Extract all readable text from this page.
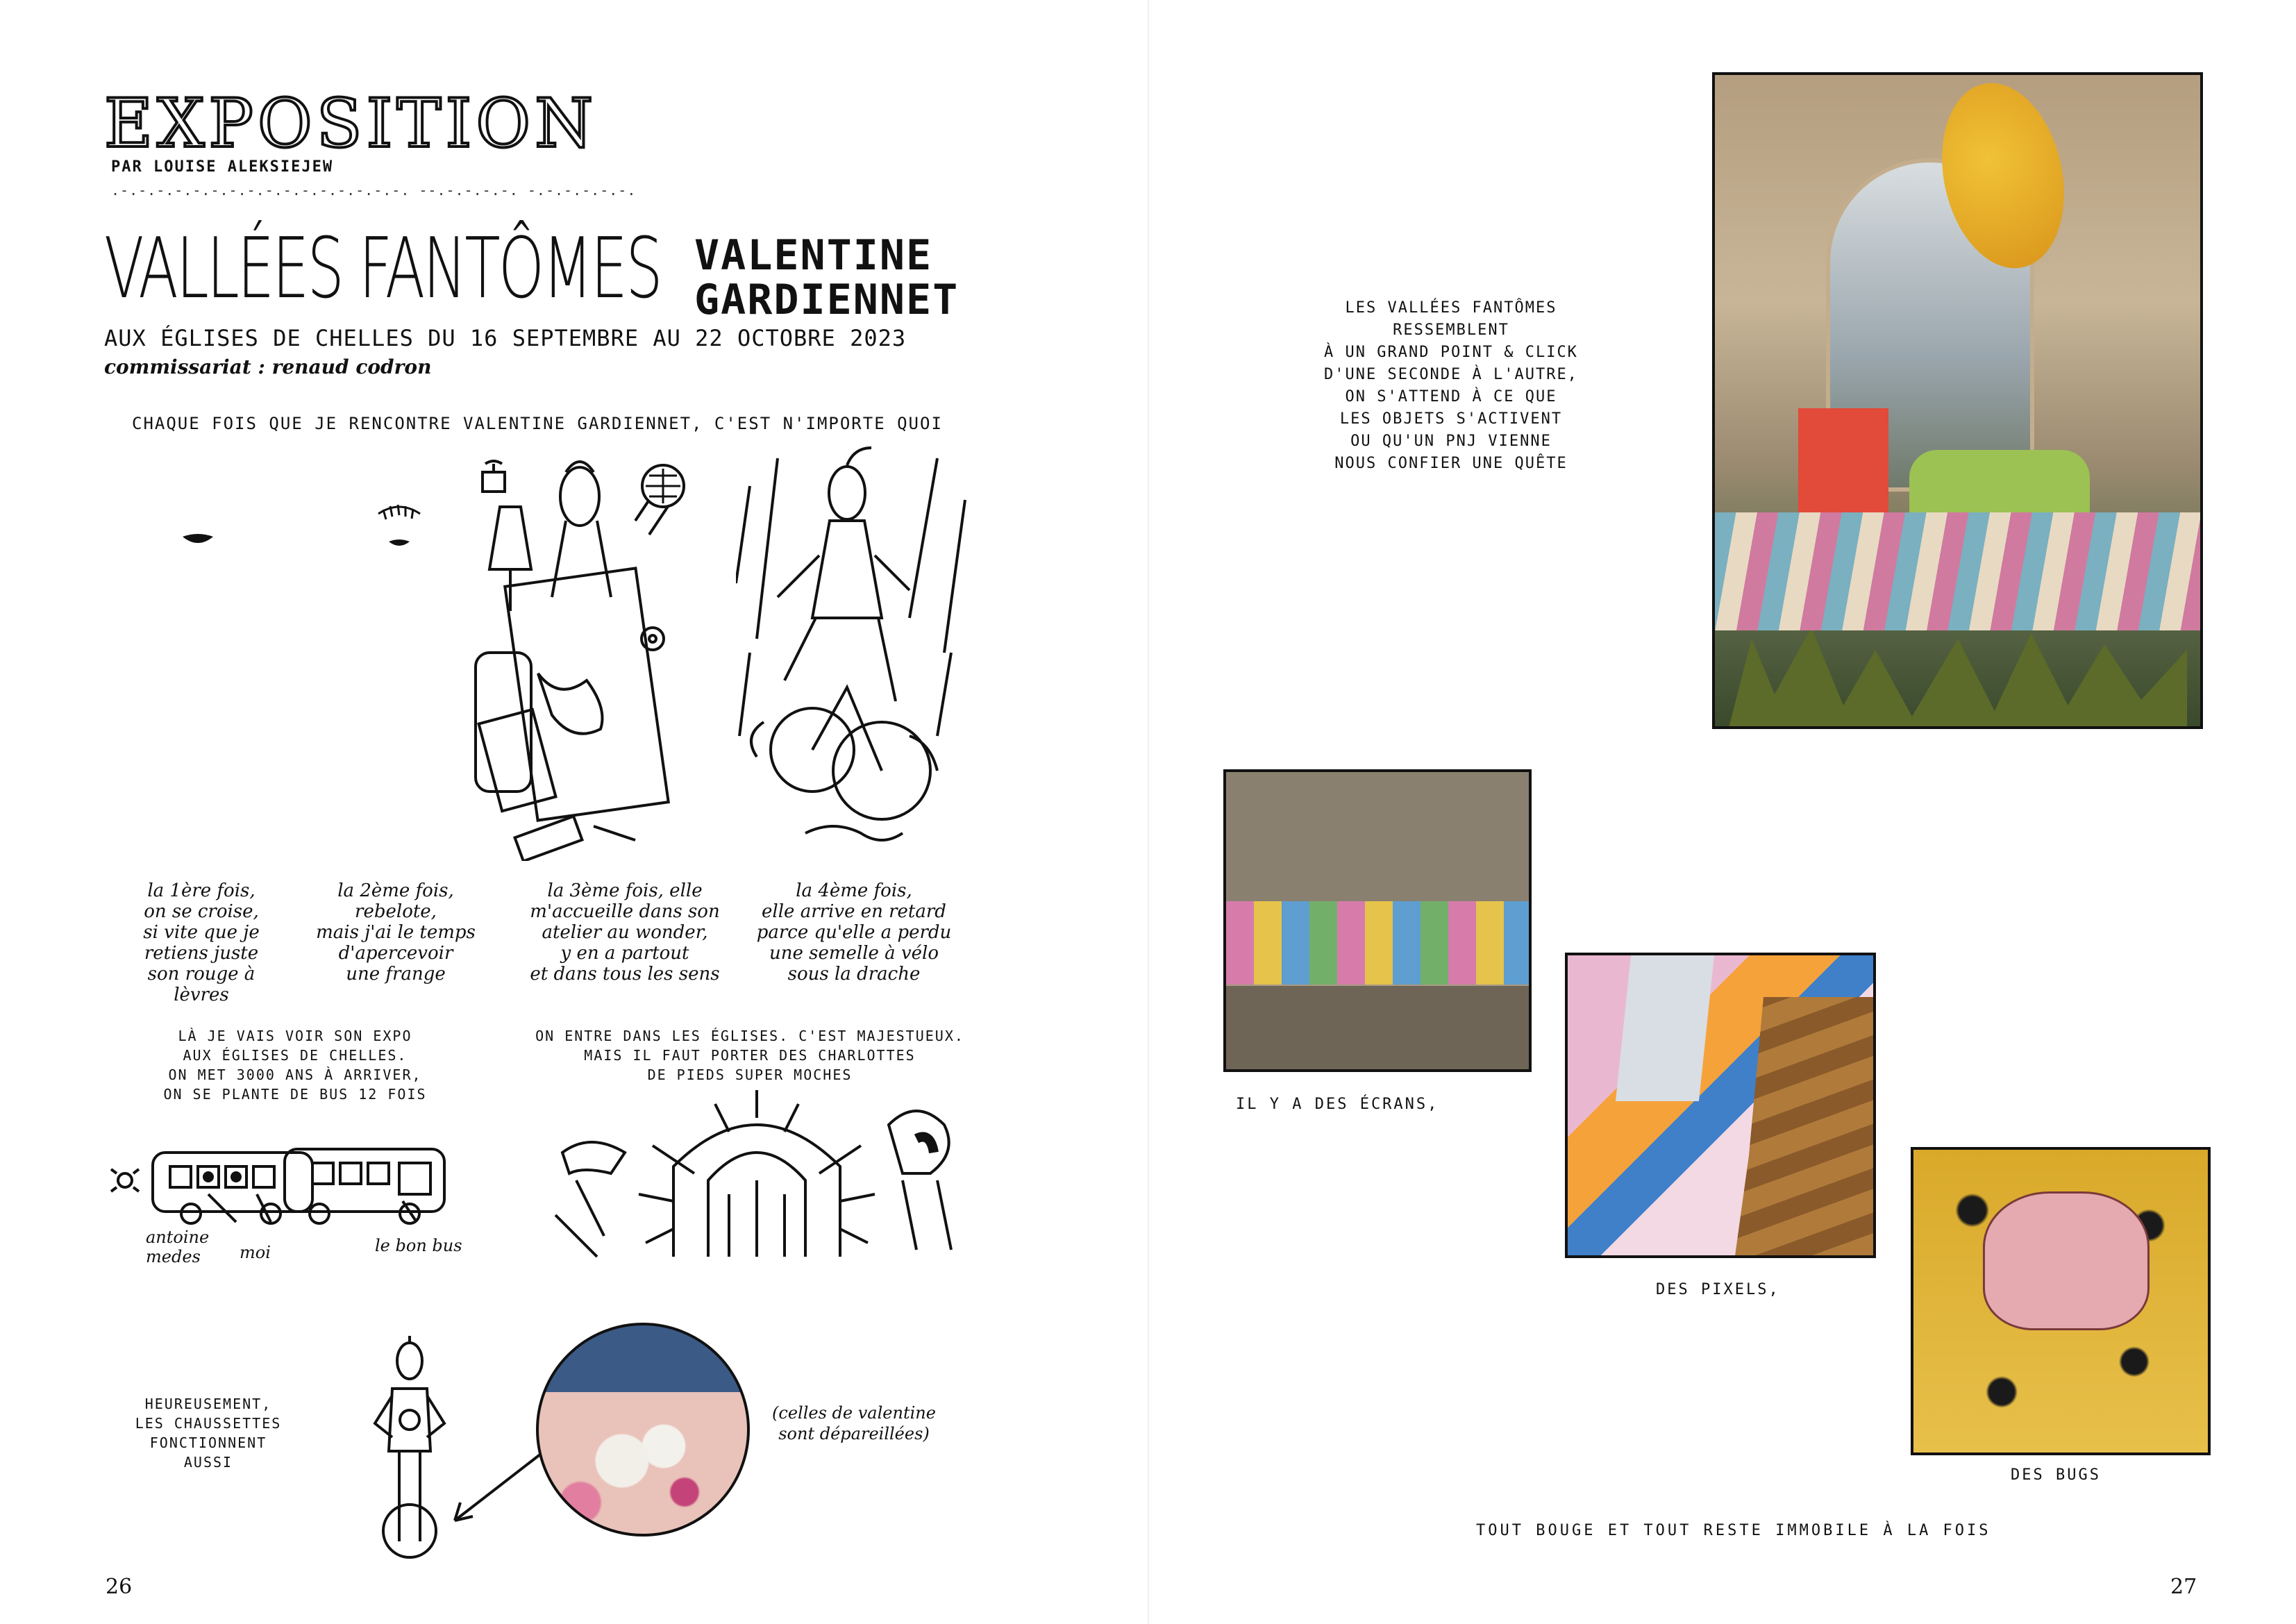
EXPOSITION
PAR LOUISE ALEKSIEJEW
.-.-.-.-.-.-.-.-.-.-.-.-.-.-.-.-. --.-.-.-.-. -.-.-.-.-.-.
VALLÉES FANTÔMES VALENTINE
GARDIENNET
AUX ÉGLISES DE CHELLES DU 16 SEPTEMBRE AU 22 OCTOBRE 2023
commissariat : renaud codron
CHAQUE FOIS QUE JE RENCONTRE VALENTINE GARDIENNET, C'EST N'IMPORTE QUOI
la 1ère fois,
on se croise,
si vite que je
retiens juste
son rouge à lèvres
la 2ème fois,
rebelote,
mais j'ai le temps
d'apercevoir
une frange
la 3ème fois, elle
m'accueille dans son
atelier au wonder,
y en a partout
et dans tous les sens
la 4ème fois,
elle arrive en retard
parce qu'elle a perdu
une semelle à vélo
sous la drache
LÀ JE VAIS VOIR SON EXPO
AUX ÉGLISES DE CHELLES.
ON MET 3000 ANS À ARRIVER,
ON SE PLANTE DE BUS 12 FOIS
ON ENTRE DANS LES ÉGLISES. C'EST MAJESTUEUX.
MAIS IL FAUT PORTER DES CHARLOTTES
DE PIEDS SUPER MOCHES
antoine medes	moi	le bon bus
HEUREUSEMENT,
LES CHAUSSETTES
FONCTIONNENT AUSSI
(celles de valentine
sont dépareillées)
26
LES VALLÉES FANTÔMES
RESSEMBLENT
À UN GRAND POINT & CLICK
D'UNE SECONDE À L'AUTRE,
ON S'ATTEND À CE QUE
LES OBJETS S'ACTIVENT
OU QU'UN PNJ VIENNE
NOUS CONFIER UNE QUÊTE
IL Y A DES ÉCRANS,
DES PIXELS,
DES BUGS
TOUT BOUGE ET TOUT RESTE IMMOBILE À LA FOIS
27
